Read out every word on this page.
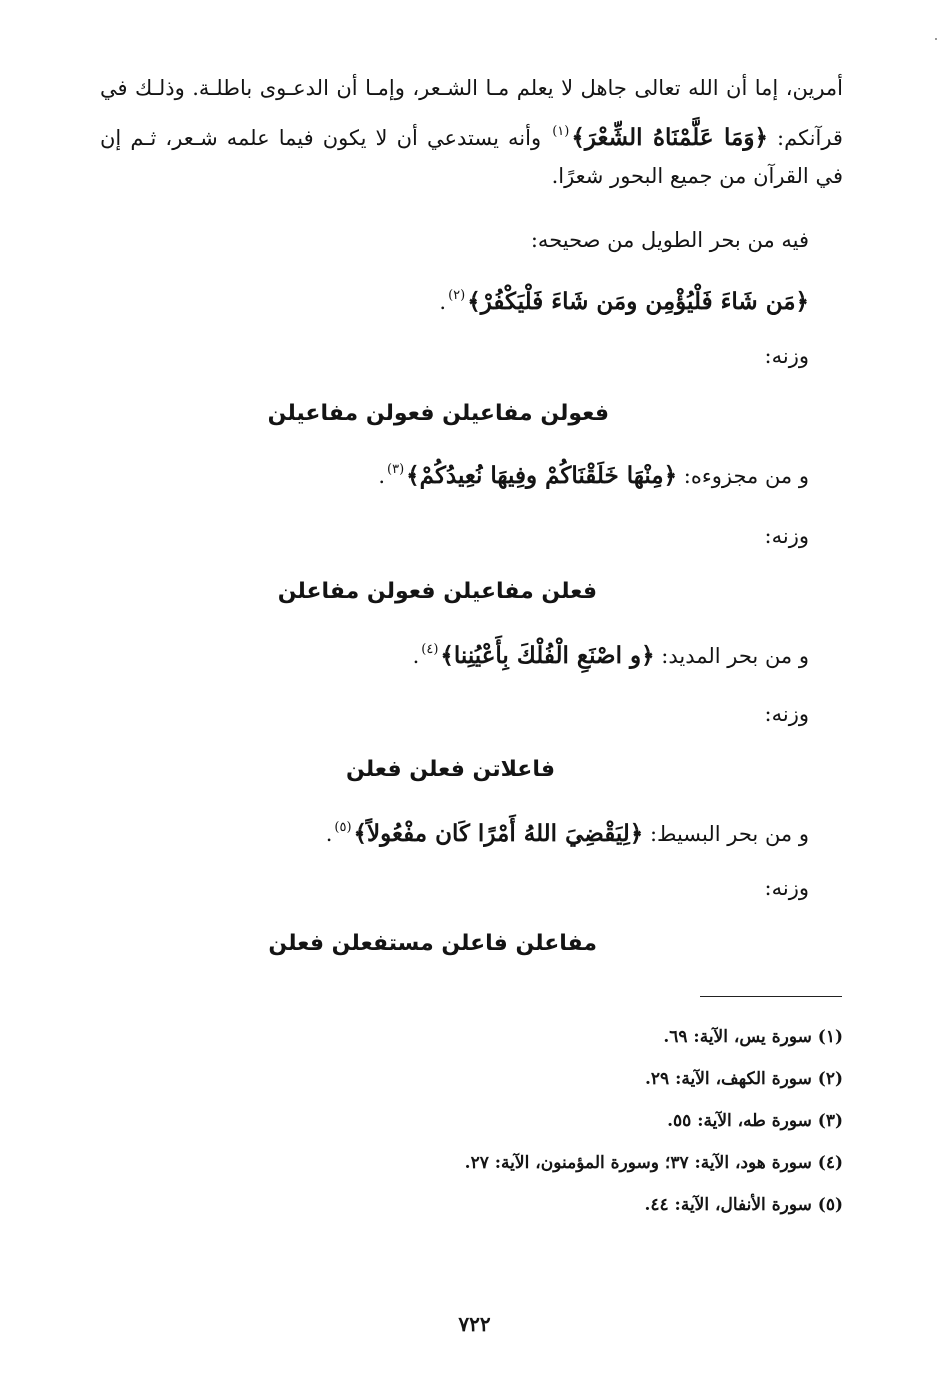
أمرين، إما أن الله تعالى جاهل لا يعلم مـا الشـعر، وإمـا أن الدعـوى باطلـة. وذلـك في
قرآنكم: ﴿وَمَا عَلَّمْنَاهُ الشِّعْرَ﴾$^{(١)}$ وأنه يستدعي أن لا يكون فيما علمه شـعر، ثـم إن
في القرآن من جميع البحور شعرًا.
فيه من بحر الطويل من صحيحه:
﴿مَن شَاءَ فَلْيُؤْمِن ومَن شَاءَ فَلْيَكْفُرْ﴾$^{(٢)}$.
وزنه:
فعولن مفاعيلن فعولن مفاعيلن
و من مجزوءه: ﴿مِنْهَا خَلَقْنَاكُمْ وفِيهَا نُعِيدُكُمْ﴾$^{(٣)}$.
وزنه:
فعلن مفاعيلن فعولن مفاعلن
و من بحر المديد: ﴿و اصْنَعِ الْفُلْكَ بِأَعْيُنِنا﴾$^{(٤)}$.
وزنه:
فاعلاتن فعلن فعلن
و من بحر البسيط: ﴿لِيَقْضِيَ اللهُ أَمْرًا كَان مفْعُولاً﴾$^{(٥)}$.
وزنه:
مفاعلن فاعلن مستفعلن فعلن
(١) سورة يس، الآية: ٦٩.
(٢) سورة الكهف، الآية: ٢٩.
(٣) سورة طه، الآية: ٥٥.
(٤) سورة هود، الآية: ٣٧؛ وسورة المؤمنون، الآية: ٢٧.
(٥) سورة الأنفال، الآية: ٤٤.
٧٢٢
